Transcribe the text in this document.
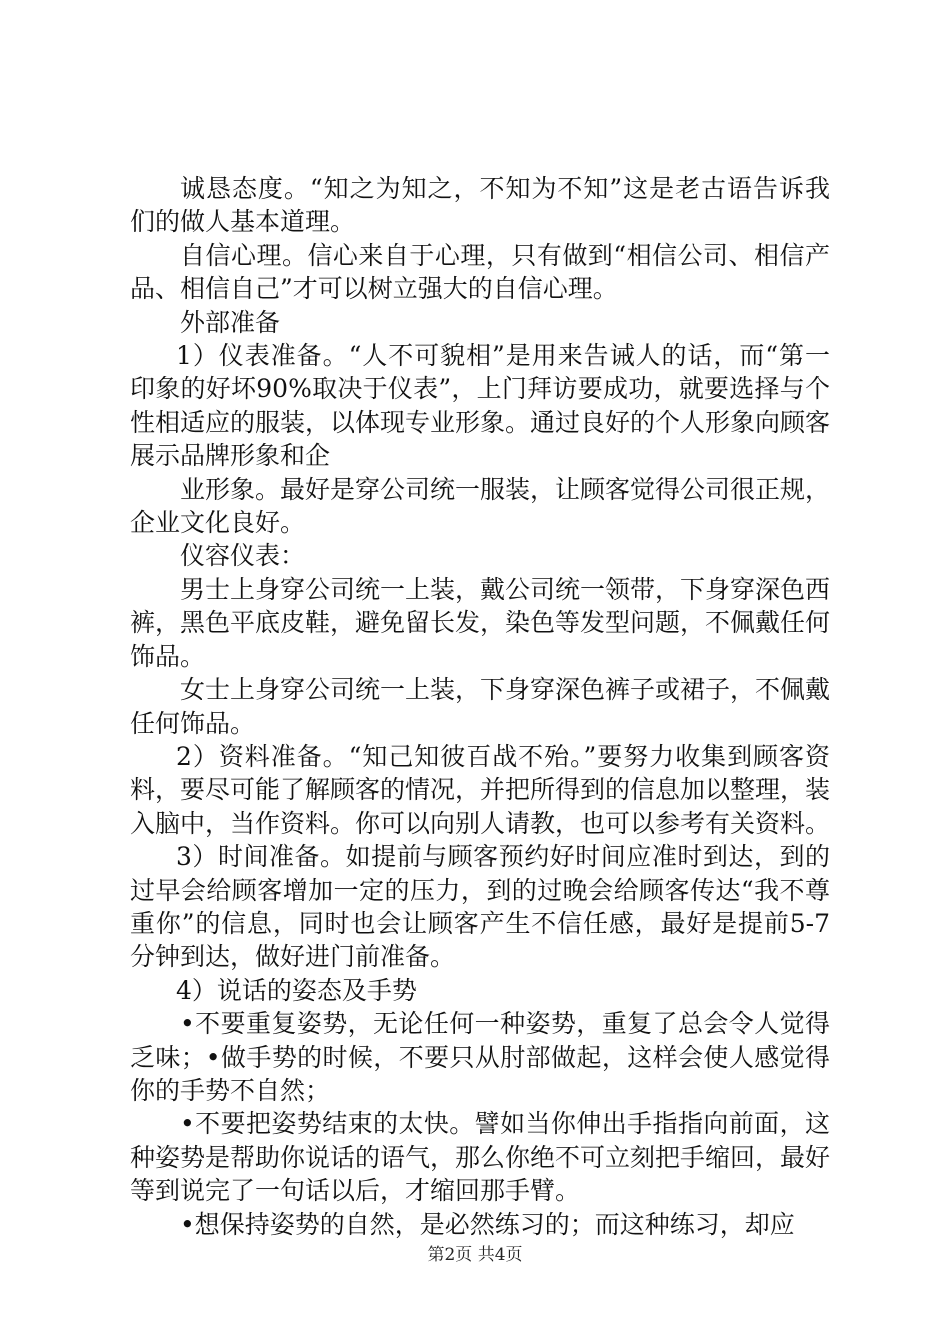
诚恳态度。“知之为知之，不知为不知”这是老古语告诉我们的做人基本道理。

自信心理。信心来自于心理，只有做到“相信公司、相信产品、相信自己”才可以树立强大的自信心理。

外部准备

1）仪表准备。“人不可貌相”是用来告诫人的话，而“第一印象的好坏90%取决于仪表”，上门拜访要成功，就要选择与个性相适应的服装，以体现专业形象。通过良好的个人形象向顾客展示品牌形象和企

业形象。最好是穿公司统一服装，让顾客觉得公司很正规，企业文化良好。

仪容仪表：

男士上身穿公司统一上装，戴公司统一领带，下身穿深色西裤，黑色平底皮鞋，避免留长发，染色等发型问题，不佩戴任何饰品。

女士上身穿公司统一上装，下身穿深色裤子或裙子，不佩戴任何饰品。

2）资料准备。“知己知彼百战不殆。”要努力收集到顾客资料，要尽可能了解顾客的情况，并把所得到的信息加以整理，装入脑中，当作资料。你可以向别人请教，也可以参考有关资料。

3）时间准备。如提前与顾客预约好时间应准时到达，到的过早会给顾客增加一定的压力，到的过晚会给顾客传达“我不尊重你”的信息，同时也会让顾客产生不信任感，最好是提前5-7分钟到达，做好进门前准备。

4）说话的姿态及手势

•不要重复姿势，无论任何一种姿势，重复了总会令人觉得乏味；•做手势的时候，不要只从肘部做起，这样会使人感觉得你的手势不自然；

•不要把姿势结束的太快。譬如当你伸出手指指向前面，这种姿势是帮助你说话的语气，那么你绝不可立刻把手缩回，最好等到说完了一句话以后，才缩回那手臂。

•想保持姿势的自然，是必然练习的；而这种练习，却应

第2页 共4页
